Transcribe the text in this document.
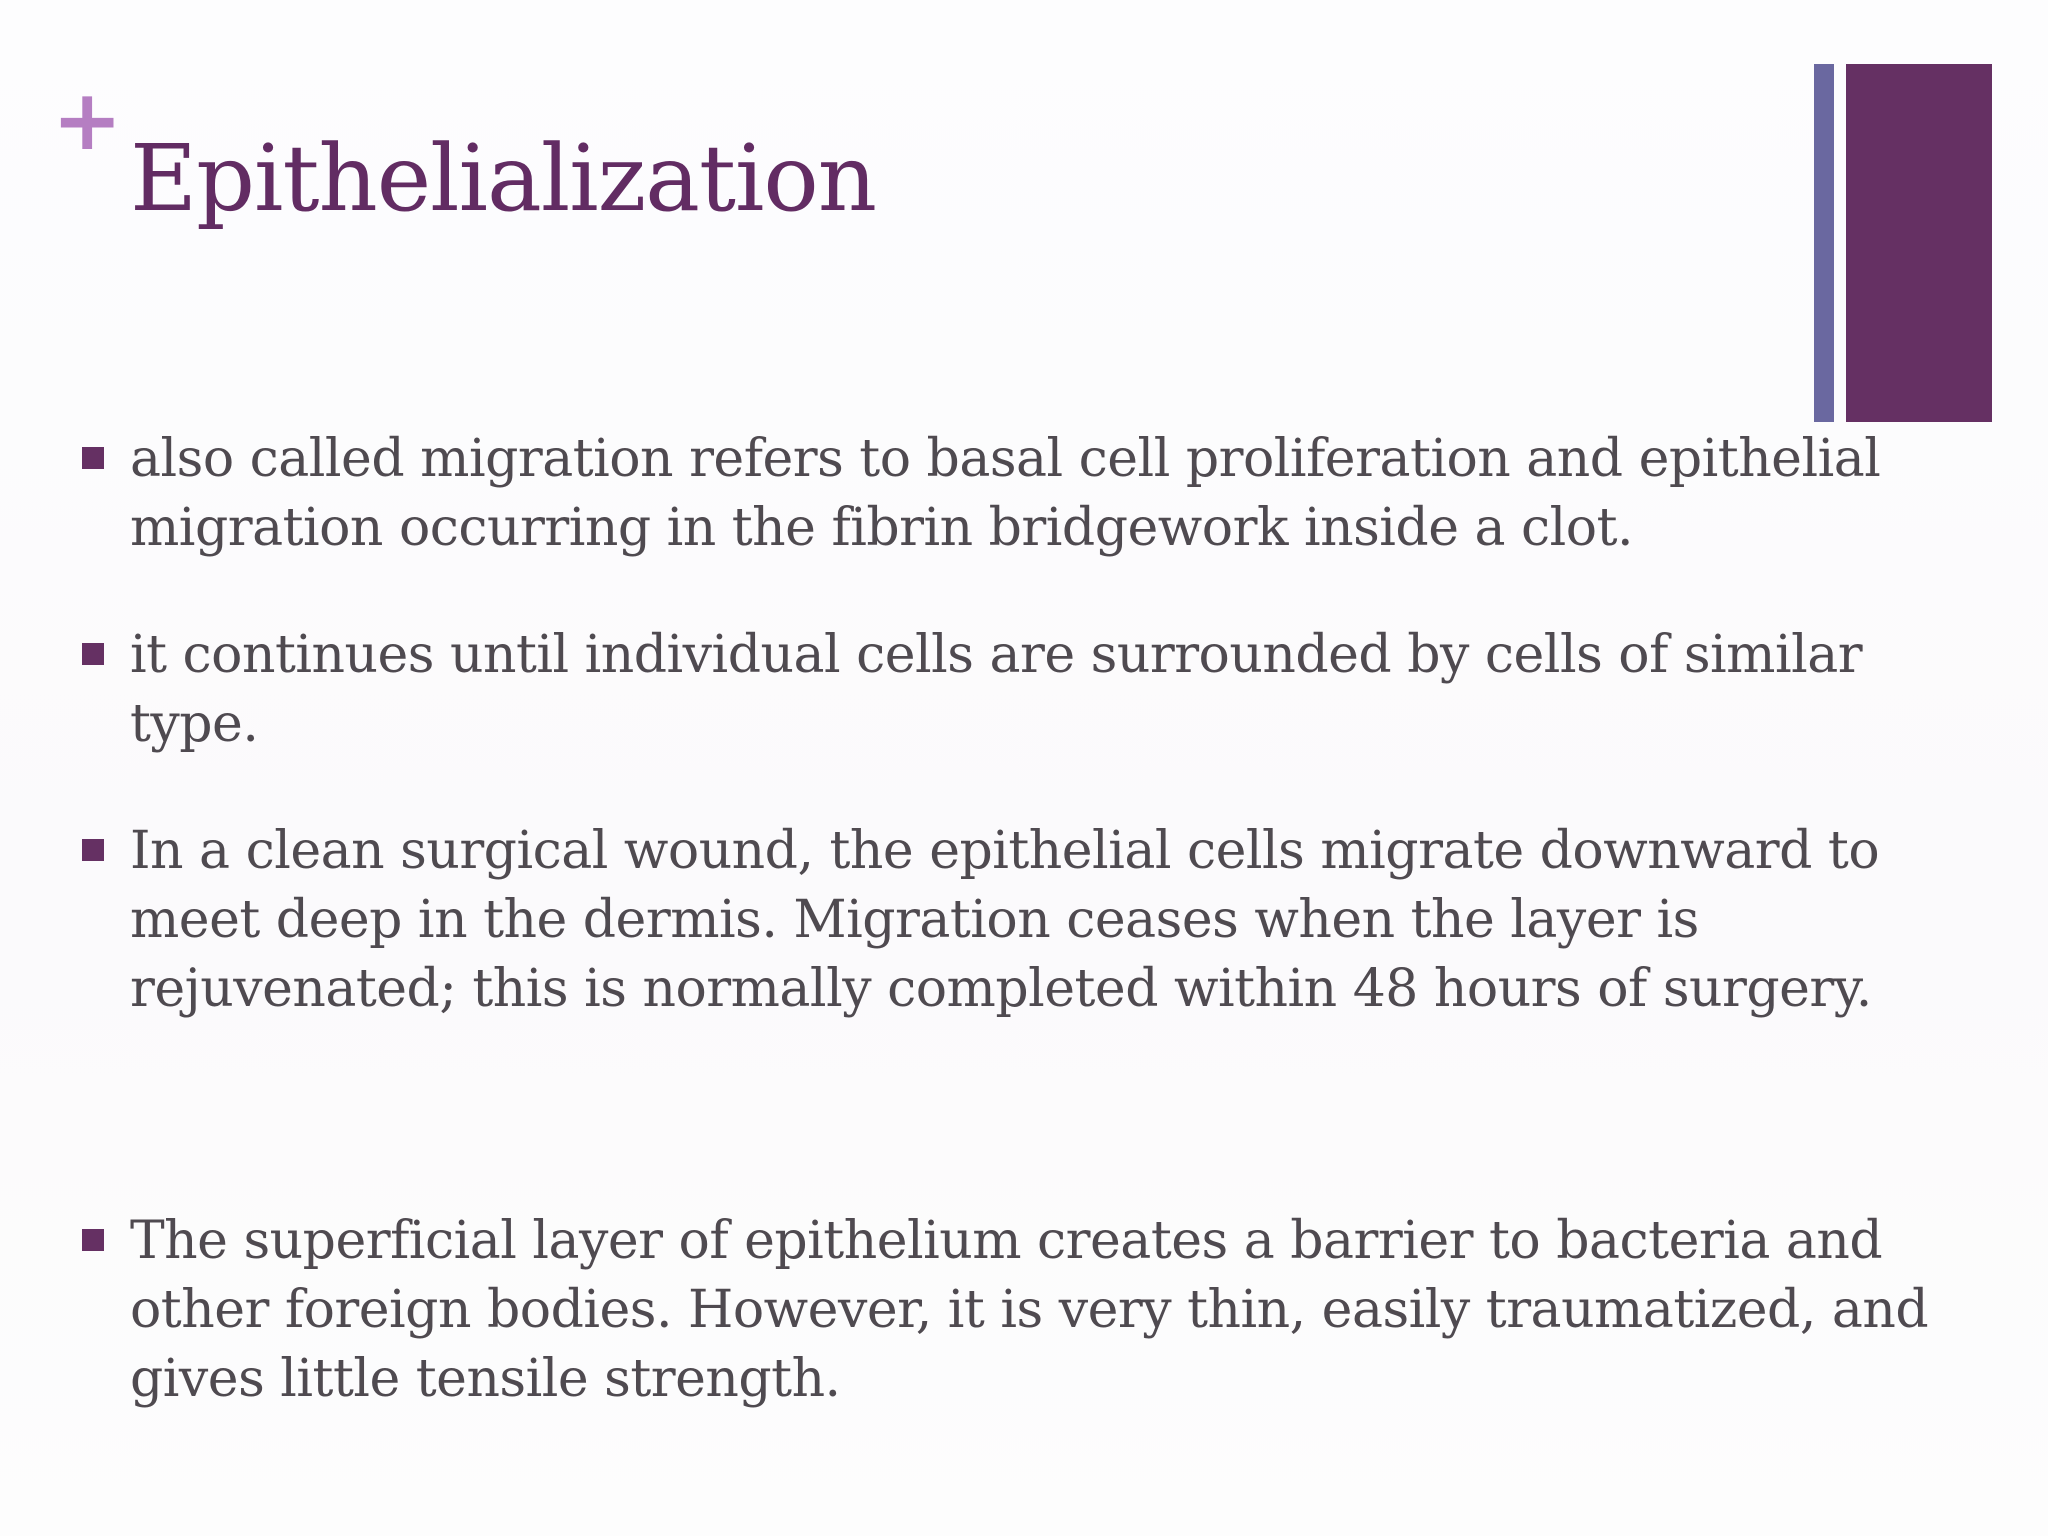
+
Epithelialization
also called migration refers to basal cell proliferation and epithelial migration occurring in the fibrin bridgework inside a clot.
it continues until individual cells are surrounded by cells of similar type.
In a clean surgical wound, the epithelial cells migrate downward to meet deep in the dermis. Migration ceases when the layer is rejuvenated; this is normally completed within 48 hours of surgery.
The superficial layer of epithelium creates a barrier to bacteria and other foreign bodies. However, it is very thin, easily traumatized, and gives little tensile strength.
